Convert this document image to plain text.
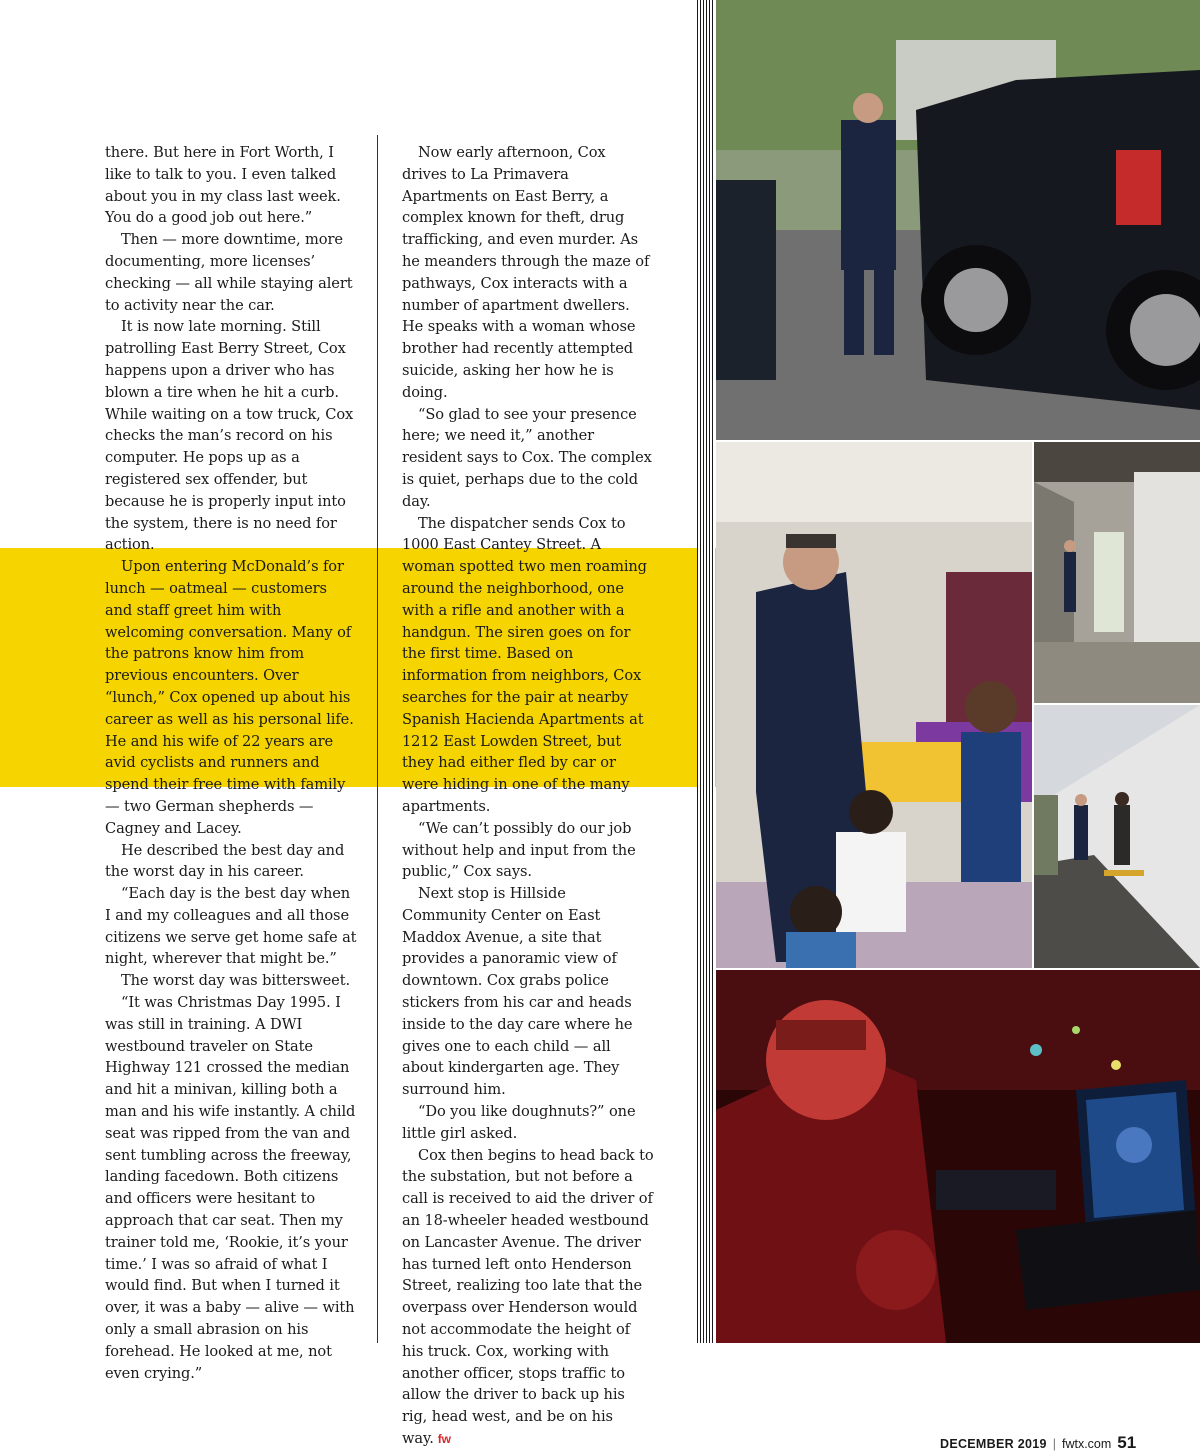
there. But here in Fort Worth, I like to talk to you. I even talked about you in my class last week. You do a good job out here.”

Then — more downtime, more documenting, more licenses’ checking — all while staying alert to activity near the car.

It is now late morning. Still patrolling East Berry Street, Cox happens upon a driver who has blown a tire when he hit a curb. While waiting on a tow truck, Cox checks the man’s record on his computer. He pops up as a registered sex offender, but because he is properly input into the system, there is no need for action.

Upon entering McDonald’s for lunch — oatmeal — customers and staff greet him with welcoming conversation. Many of the patrons know him from previous encounters. Over “lunch,” Cox opened up about his career as well as his personal life. He and his wife of 22 years are avid cyclists and runners and spend their free time with family — two German shepherds — Cagney and Lacey.

He described the best day and the worst day in his career.

“Each day is the best day when I and my colleagues and all those citizens we serve get home safe at night, wherever that might be.”

The worst day was bittersweet.

“It was Christmas Day 1995. I was still in training. A DWI westbound traveler on State Highway 121 crossed the median and hit a minivan, killing both a man and his wife instantly. A child seat was ripped from the van and sent tumbling across the freeway, landing facedown. Both citizens and officers were hesitant to approach that car seat. Then my trainer told me, ‘Rookie, it’s your time.’ I was so afraid of what I would find. But when I turned it over, it was a baby — alive — with only a small abrasion on his forehead. He looked at me, not even crying.”

Now early afternoon, Cox drives to La Primavera Apartments on East Berry, a complex known for theft, drug trafficking, and even murder. As he meanders through the maze of pathways, Cox interacts with a number of apartment dwellers. He speaks with a woman whose brother had recently attempted suicide, asking her how he is doing.

“So glad to see your presence here; we need it,” another resident says to Cox. The complex is quiet, perhaps due to the cold day.

The dispatcher sends Cox to 1000 East Cantey Street. A woman spotted two men roaming around the neighborhood, one with a rifle and another with a handgun. The siren goes on for the first time. Based on information from neighbors, Cox searches for the pair at nearby Spanish Hacienda Apartments at 1212 East Lowden Street, but they had either fled by car or were hiding in one of the many apartments.

“We can’t possibly do our job without help and input from the public,” Cox says.

Next stop is Hillside Community Center on East Maddox Avenue, a site that provides a panoramic view of downtown. Cox grabs police stickers from his car and heads inside to the day care where he gives one to each child — all about kindergarten age. They surround him.

“Do you like doughnuts?” one little girl asked.

Cox then begins to head back to the substation, but not before a call is received to aid the driver of an 18-wheeler headed westbound on Lancaster Avenue. The driver has turned left onto Henderson Street, realizing too late that the overpass over Henderson would not accommodate the height of his truck. Cox, working with another officer, stops traffic to allow the driver to back up his rig, head west, and be on his way. fw	DECEMBER 2019 | fwtx.com 51
